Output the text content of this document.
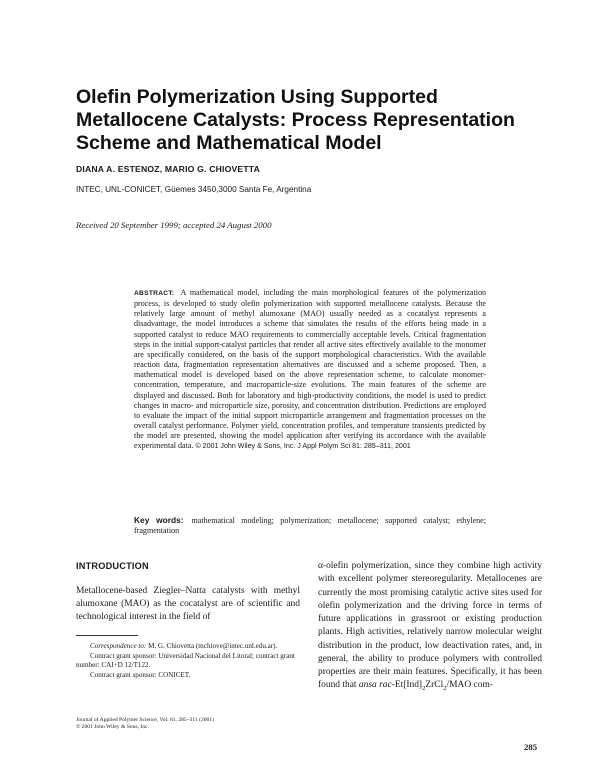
Olefin Polymerization Using Supported Metallocene Catalysts: Process Representation Scheme and Mathematical Model
DIANA A. ESTENOZ, MARIO G. CHIOVETTA
INTEC, UNL-CONICET, Güemes 3450,3000 Santa Fe, Argentina
Received 20 September 1999; accepted 24 August 2000
ABSTRACT: A mathematical model, including the main morphological features of the polymerization process, is developed to study olefin polymerization with supported metallocene catalysts. Because the relatively large amount of methyl alumoxane (MAO) usually needed as a cocatalyst represents a disadvantage, the model introduces a scheme that simulates the results of the efforts being made in a supported catalyst to reduce MAO requirements to commercially acceptable levels. Critical fragmentation steps in the initial support-catalyst particles that render all active sites effectively available to the monomer are specifically considered, on the basis of the support morphological characteristics. With the available reaction data, fragmentation representation alternatives are discussed and a scheme proposed. Then, a mathematical model is developed based on the above representation scheme, to calculate monomer-concentration, temperature, and macroparticle-size evolutions. The main features of the scheme are displayed and discussed. Both for laboratory and high-productivity conditions, the model is used to predict changes in macro- and microparticle size, porosity, and concentration distribution. Predictions are employed to evaluate the impact of the initial support microparticle arrangement and fragmentation processes on the overall catalyst performance. Polymer yield, concentration profiles, and temperature transients predicted by the model are presented, showing the model application after verifying its accordance with the available experimental data. © 2001 John Wiley & Sons, Inc. J Appl Polym Sci 81: 285–311, 2001
Key words: mathematical modeling; polymerization; metallocene; supported catalyst; ethylene; fragmentation
INTRODUCTION
Metallocene-based Ziegler–Natta catalysts with methyl alumoxane (MAO) as the cocatalyst are of scientific and technological interest in the field of
α-olefin polymerization, since they combine high activity with excellent polymer stereoregularity. Metallocenes are currently the most promising catalytic active sites used for olefin polymerization and the driving force in terms of future applications in grassroot or existing production plants. High activities, relatively narrow molecular weight distribution in the product, low deactivation rates, and, in general, the ability to produce polymers with controlled properties are their main features. Specifically, it has been found that ansa rac-$Et[Ind]_2ZrCl_2$/MAO com-

Correspondence to: M. G. Chiovetta (mchiove@intec.unl.edu.ar).

Contract grant sponsor: Universidad Nacional del Litoral; contract grant number: CAI+D 12/T122.

Contract grant sponsor: CONICET.

Journal of Applied Polymer Science, Vol. 81, 285–311 (2001)
© 2001 John Wiley & Sons, Inc.
285
